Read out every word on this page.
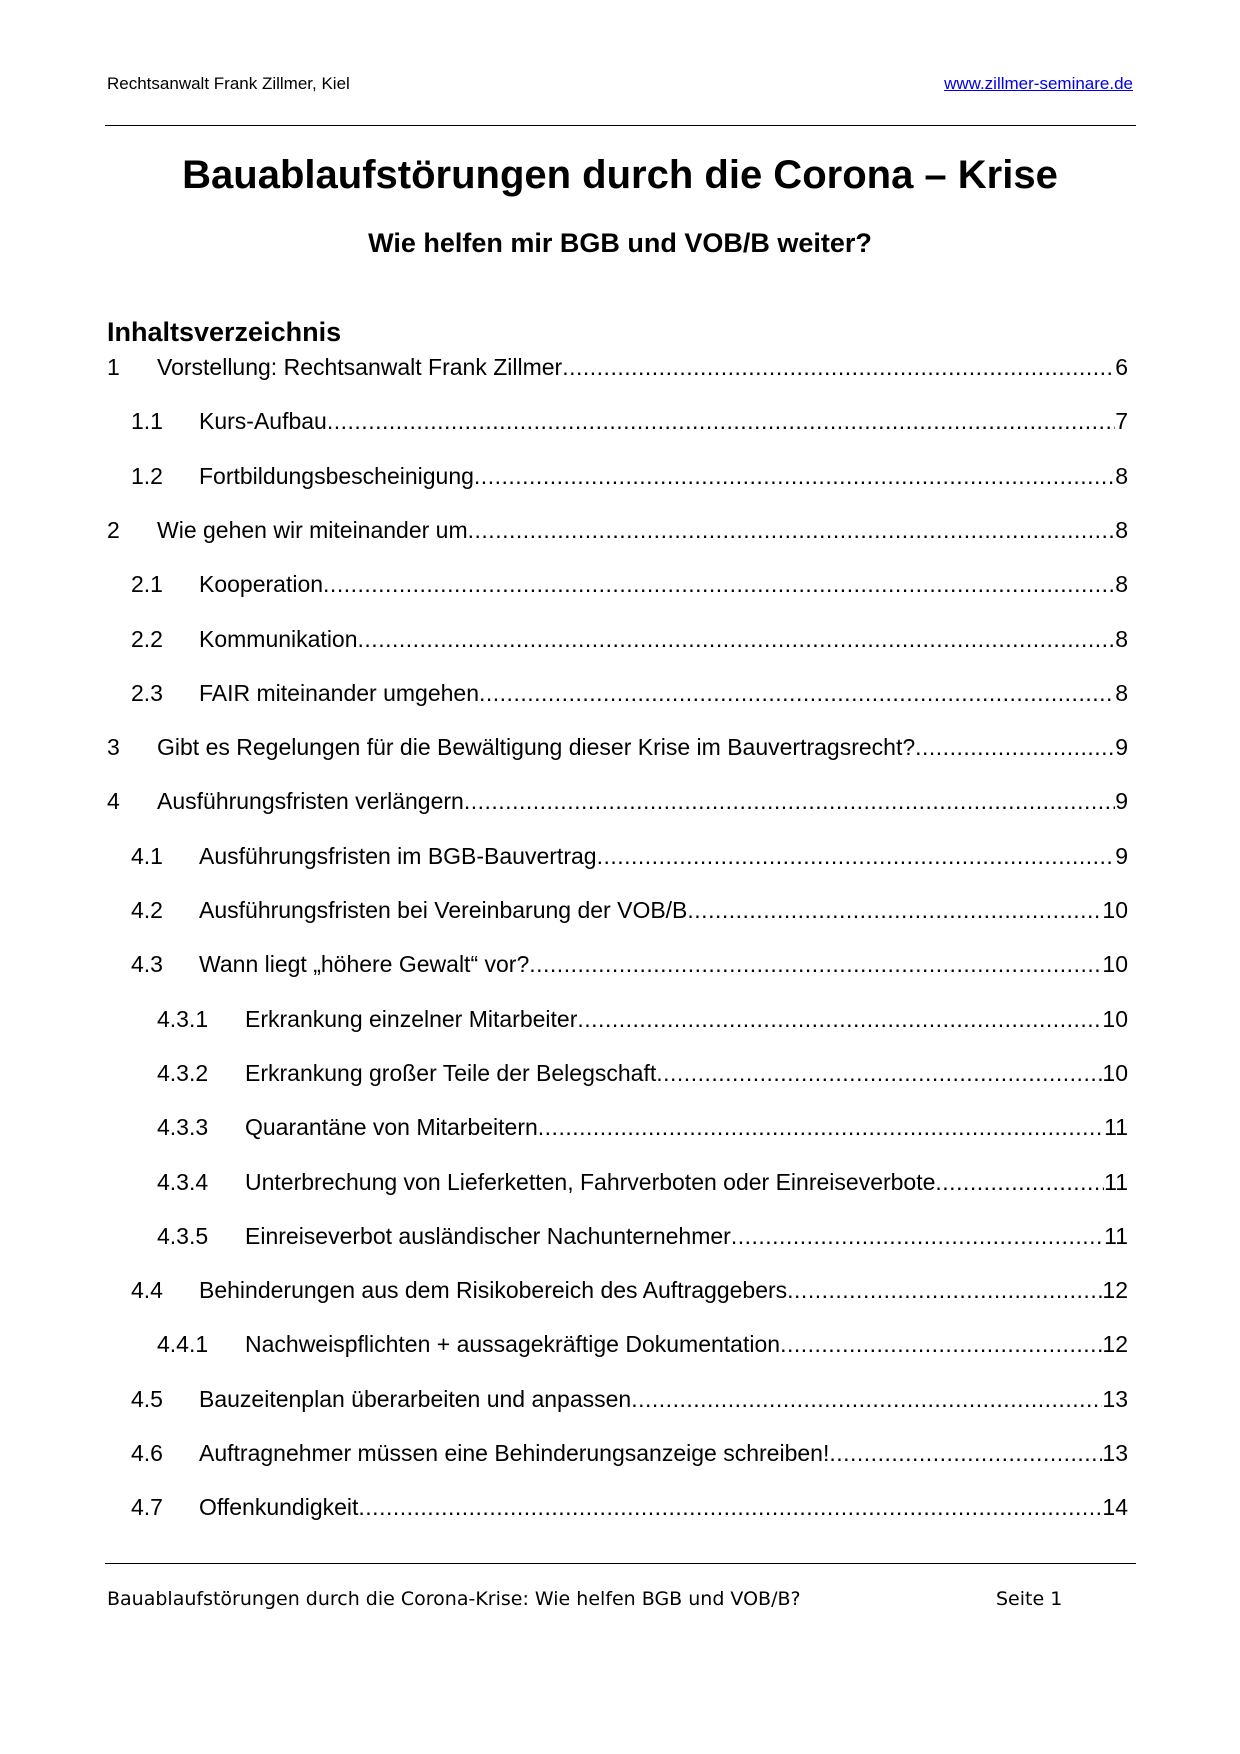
Rechtsanwalt Frank Zillmer, Kiel	www.zillmer-seminare.de
Bauablaufstörungen durch die Corona – Krise
Wie helfen mir BGB und VOB/B weiter?
Inhaltsverzeichnis
1	Vorstellung: Rechtsanwalt Frank Zillmer .....	6
1.1	Kurs-Aufbau .....	7
1.2	Fortbildungsbescheinigung .....	8
2	Wie gehen wir miteinander um .....	8
2.1	Kooperation .....	8
2.2	Kommunikation .....	8
2.3	FAIR miteinander umgehen .....	8
3	Gibt es Regelungen für die Bewältigung dieser Krise im Bauvertragsrecht? .....	9
4	Ausführungsfristen verlängern .....	9
4.1	Ausführungsfristen im BGB-Bauvertrag .....	9
4.2	Ausführungsfristen bei Vereinbarung der VOB/B .....	10
4.3	Wann liegt „höhere Gewalt“ vor? .....	10
4.3.1	Erkrankung einzelner Mitarbeiter .....	10
4.3.2	Erkrankung großer Teile der Belegschaft .....	10
4.3.3	Quarantäne von Mitarbeitern .....	11
4.3.4	Unterbrechung von Lieferketten, Fahrverboten oder Einreiseverbote .....	11
4.3.5	Einreiseverbot ausländischer Nachunternehmer .....	11
4.4	Behinderungen aus dem Risikobereich des Auftraggebers .....	12
4.4.1	Nachweispflichten + aussagekräftige Dokumentation .....	12
4.5	Bauzeitenplan überarbeiten und anpassen .....	13
4.6	Auftragnehmer müssen eine Behinderungsanzeige schreiben! .....	13
4.7	Offenkundigkeit .....	14
Bauablaufstörungen durch die Corona-Krise: Wie helfen BGB und VOB/B?	Seite 1
